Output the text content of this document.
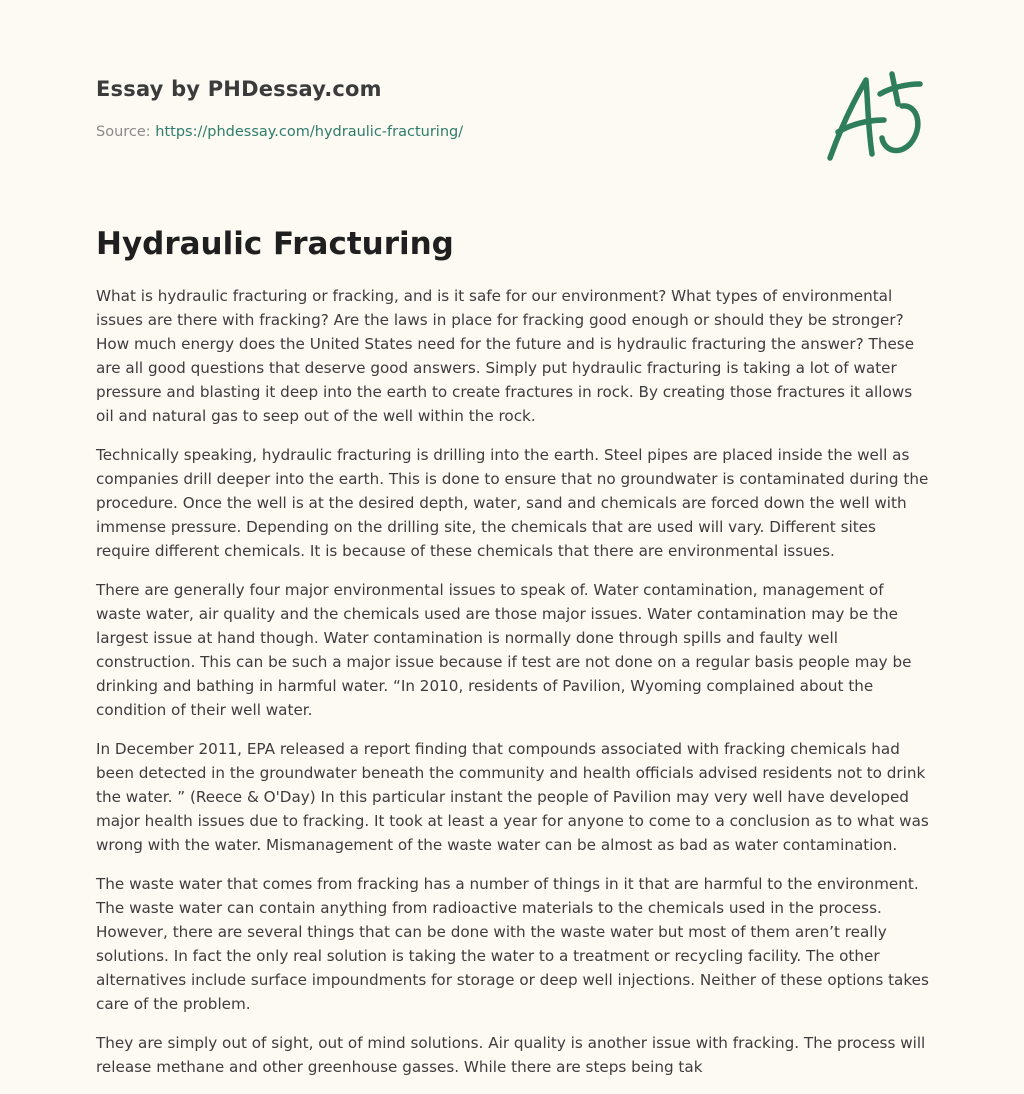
Essay by PHDessay.com
Source: https://phdessay.com/hydraulic-fracturing/
Hydraulic Fracturing

What is hydraulic fracturing or fracking, and is it safe for our environment? What types of environmental issues are there with fracking? Are the laws in place for fracking good enough or should they be stronger? How much energy does the United States need for the future and is hydraulic fracturing the answer? These are all good questions that deserve good answers. Simply put hydraulic fracturing is taking a lot of water pressure and blasting it deep into the earth to create fractures in rock. By creating those fractures it allows oil and natural gas to seep out of the well within the rock.

Technically speaking, hydraulic fracturing is drilling into the earth. Steel pipes are placed inside the well as companies drill deeper into the earth. This is done to ensure that no groundwater is contaminated during the procedure. Once the well is at the desired depth, water, sand and chemicals are forced down the well with immense pressure. Depending on the drilling site, the chemicals that are used will vary. Different sites require different chemicals. It is because of these chemicals that there are environmental issues.

There are generally four major environmental issues to speak of. Water contamination, management of waste water, air quality and the chemicals used are those major issues. Water contamination may be the largest issue at hand though. Water contamination is normally done through spills and faulty well construction. This can be such a major issue because if test are not done on a regular basis people may be drinking and bathing in harmful water. “In 2010, residents of Pavilion, Wyoming complained about the condition of their well water.

In December 2011, EPA released a report finding that compounds associated with fracking chemicals had been detected in the groundwater beneath the community and health officials advised residents not to drink the water. ” (Reece & O'Day) In this particular instant the people of Pavilion may very well have developed major health issues due to fracking. It took at least a year for anyone to come to a conclusion as to what was wrong with the water. Mismanagement of the waste water can be almost as bad as water contamination.

The waste water that comes from fracking has a number of things in it that are harmful to the environment. The waste water can contain anything from radioactive materials to the chemicals used in the process. However, there are several things that can be done with the waste water but most of them aren’t really solutions. In fact the only real solution is taking the water to a treatment or recycling facility. The other alternatives include surface impoundments for storage or deep well injections. Neither of these options takes care of the problem.

They are simply out of sight, out of mind solutions. Air quality is another issue with fracking. The process will release methane and other greenhouse gasses. While there are steps being tak
